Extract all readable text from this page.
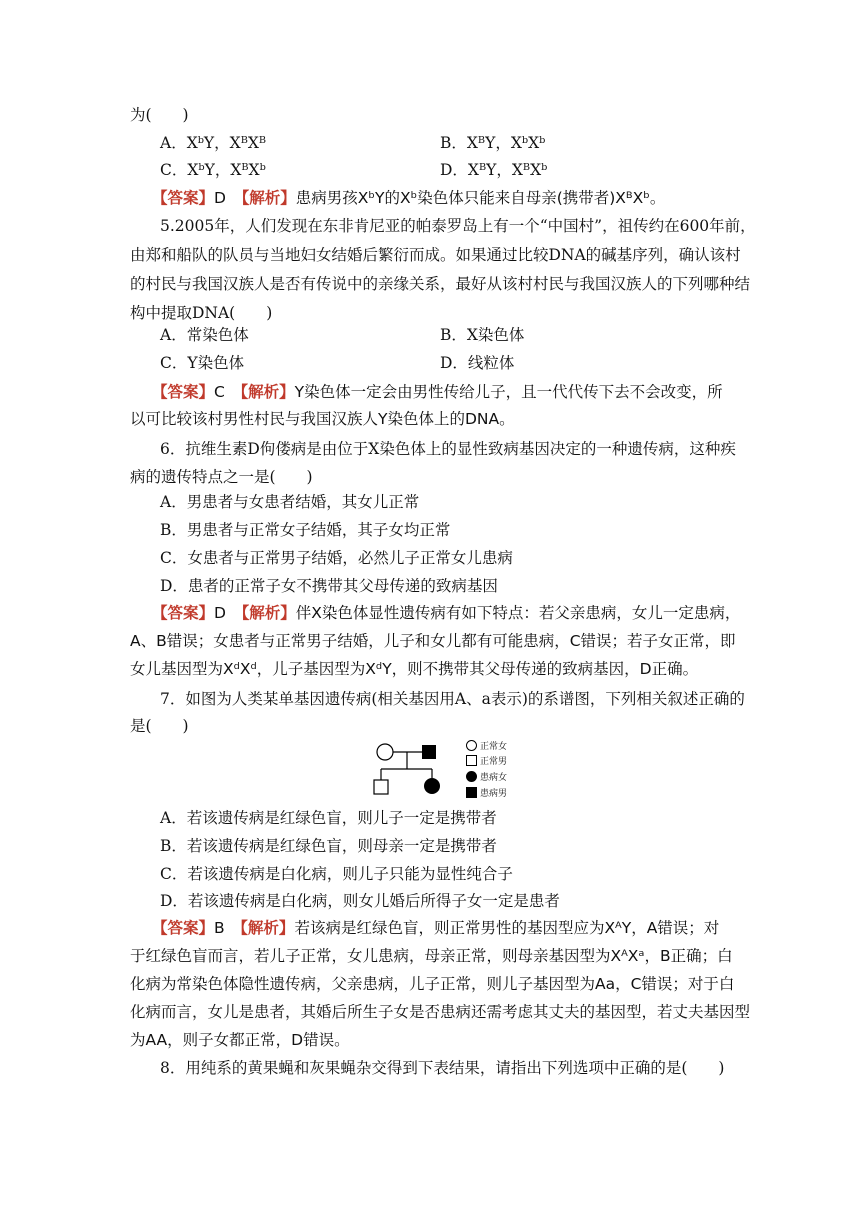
为(　　)
A．XᵇY，XᴮXᴮ	B．XᴮY，XᵇXᵇ
C．XᵇY，XᴮXᵇ	D．XᴮY，XᴮXᵇ
【答案】D　 【解析】患病男孩XᵇY的Xᵇ染色体只能来自母亲(携带者)XᴮXᵇ。
5.2005年，人们发现在东非肯尼亚的帕泰罗岛上有一个“中国村”，祖传约在600年前，
由郑和船队的队员与当地妇女结婚后繁衍而成。如果通过比较DNA的碱基序列，确认该村
的村民与我国汉族人是否有传说中的亲缘关系，最好从该村村民与我国汉族人的下列哪种结
构中提取DNA(　　)
A．常染色体	B．X染色体
C．Y染色体	D．线粒体
【答案】C　 【解析】Y染色体一定会由男性传给儿子，且一代代传下去不会改变，所
以可比较该村男性村民与我国汉族人Y染色体上的DNA。
6．抗维生素D佝偻病是由位于X染色体上的显性致病基因决定的一种遗传病，这种疾
病的遗传特点之一是(　　)
A．男患者与女患者结婚，其女儿正常
B．男患者与正常女子结婚，其子女均正常
C．女患者与正常男子结婚，必然儿子正常女儿患病
D．患者的正常子女不携带其父母传递的致病基因
【答案】D　 【解析】伴X染色体显性遗传病有如下特点：若父亲患病，女儿一定患病，
A、B错误；女患者与正常男子结婚，儿子和女儿都有可能患病，C错误；若子女正常，即
女儿基因型为XᵈXᵈ，儿子基因型为XᵈY，则不携带其父母传递的致病基因，D正确。
7．如图为人类某单基因遗传病(相关基因用A、a表示)的系谱图，下列相关叙述正确的
是(　　)
正常女
正常男
患病女
患病男
A．若该遗传病是红绿色盲，则儿子一定是携带者
B．若该遗传病是红绿色盲，则母亲一定是携带者
C．若该遗传病是白化病，则儿子只能为显性纯合子
D．若该遗传病是白化病，则女儿婚后所得子女一定是患者
【答案】B　 【解析】若该病是红绿色盲，则正常男性的基因型应为XᴬY，A错误；对
于红绿色盲而言，若儿子正常，女儿患病，母亲正常，则母亲基因型为XᴬXᵃ，B正确；白
化病为常染色体隐性遗传病，父亲患病，儿子正常，则儿子基因型为Aa，C错误；对于白
化病而言，女儿是患者，其婚后所生子女是否患病还需考虑其丈夫的基因型，若丈夫基因型
为AA，则子女都正常，D错误。
8．用纯系的黄果蝇和灰果蝇杂交得到下表结果，请指出下列选项中正确的是(　　)
